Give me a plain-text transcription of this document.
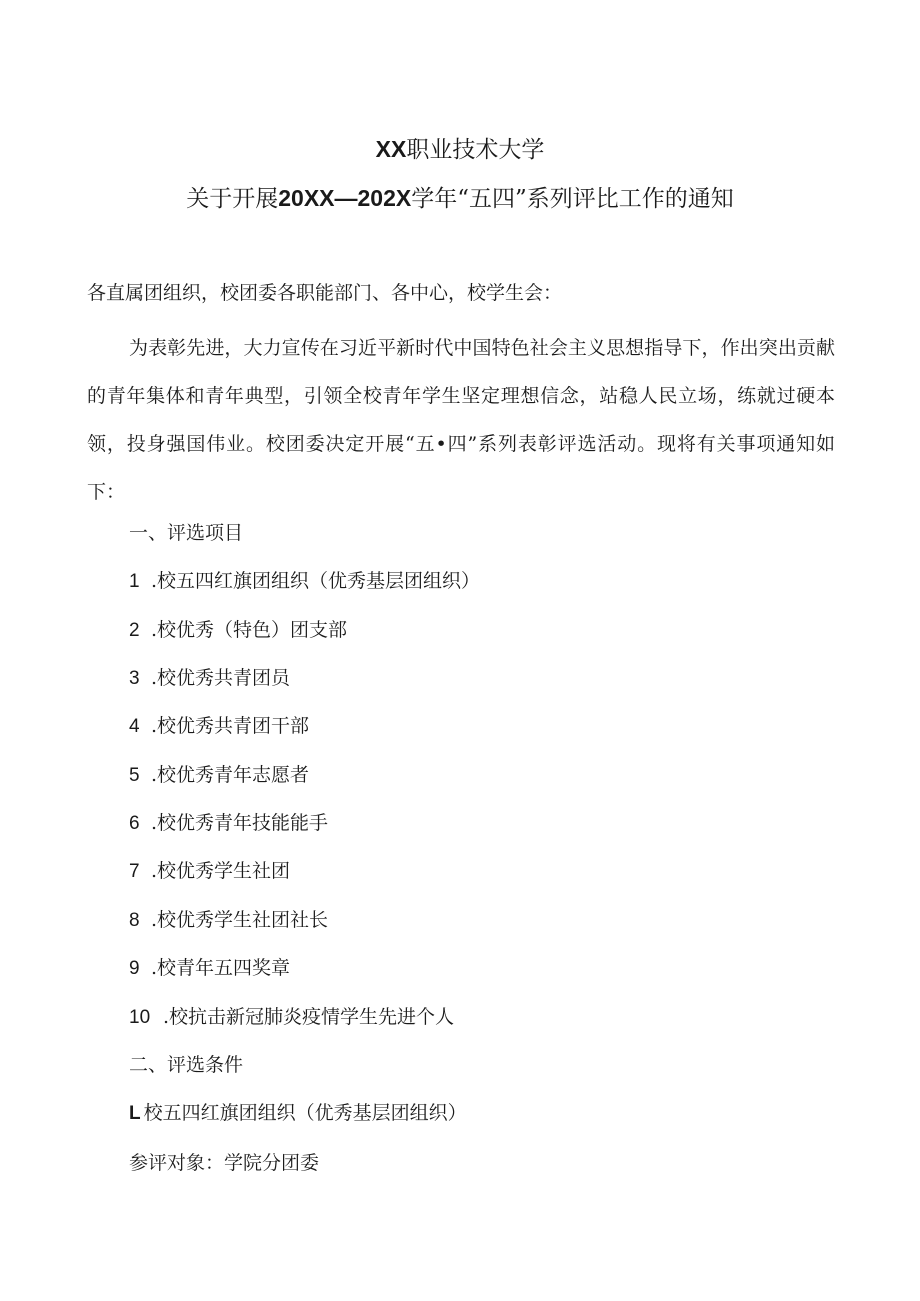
XX职业技术大学
关于开展20XX—202X学年“五四”系列评比工作的通知
各直属团组织，校团委各职能部门、各中心，校学生会：
为表彰先进，大力宣传在习近平新时代中国特色社会主义思想指导下，作出突出贡献的青年集体和青年典型，引领全校青年学生坚定理想信念，站稳人民立场，练就过硬本领，投身强国伟业。校团委决定开展“五•四”系列表彰评选活动。现将有关事项通知如下：
一、评选项目
1 .校五四红旗团组织（优秀基层团组织）
2 .校优秀（特色）团支部
3 .校优秀共青团员
4 .校优秀共青团干部
5 .校优秀青年志愿者
6 .校优秀青年技能能手
7 .校优秀学生社团
8 .校优秀学生社团社长
9 .校青年五四奖章
10 .校抗击新冠肺炎疫情学生先进个人
二、评选条件
L 校五四红旗团组织（优秀基层团组织）
参评对象：学院分团委
